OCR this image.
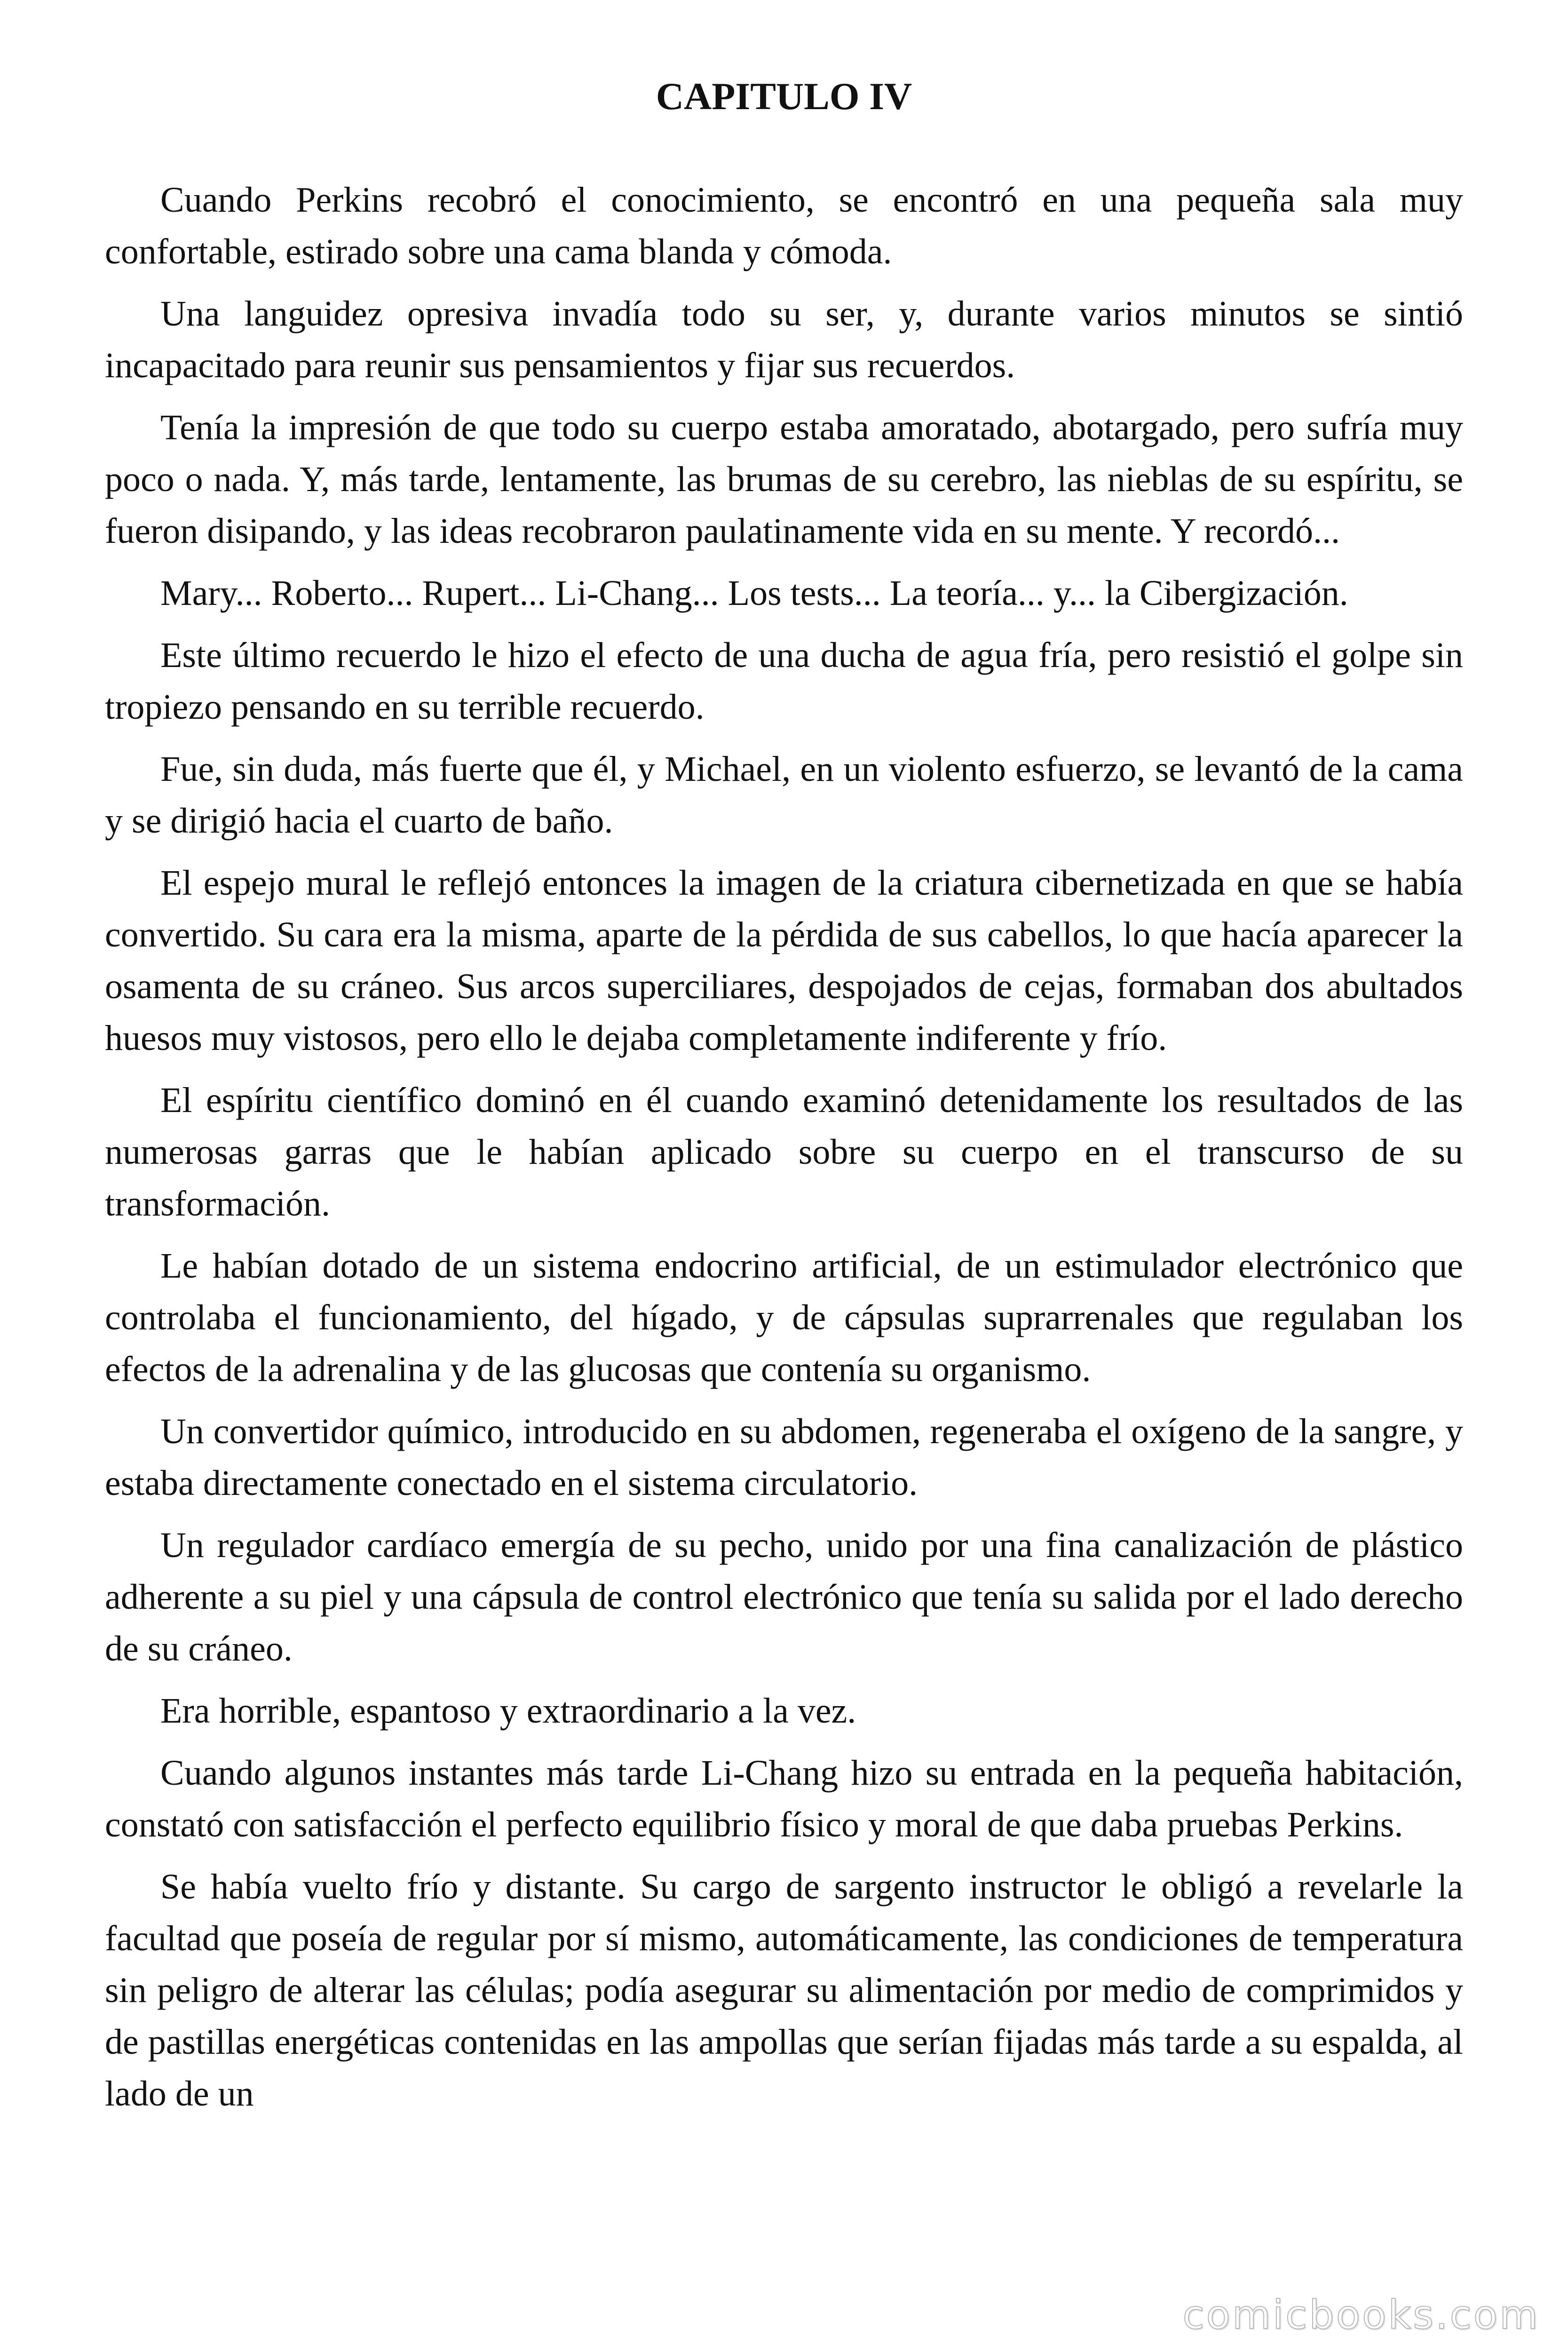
CAPITULO IV

Cuando Perkins recobró el conocimiento, se encontró en una pequeña sala muy confortable, estirado sobre una cama blanda y cómoda.

Una languidez opresiva invadía todo su ser, y, durante varios minutos se sintió incapacitado para reunir sus pensamientos y fijar sus recuerdos.

Tenía la impresión de que todo su cuerpo estaba amoratado, abotargado, pero sufría muy poco o nada. Y, más tarde, lentamente, las brumas de su cerebro, las nieblas de su espíritu, se fueron disipando, y las ideas recobraron paulatinamente vida en su mente. Y recordó...

Mary... Roberto... Rupert... Li-Chang... Los tests... La teoría... y... la Cibergización.

Este último recuerdo le hizo el efecto de una ducha de agua fría, pero resistió el golpe sin tropiezo pensando en su terrible recuerdo.

Fue, sin duda, más fuerte que él, y Michael, en un violento esfuerzo, se levantó de la cama y se dirigió hacia el cuarto de baño.

El espejo mural le reflejó entonces la imagen de la criatura cibernetizada en que se había convertido. Su cara era la misma, aparte de la pérdida de sus cabellos, lo que hacía aparecer la osamenta de su cráneo. Sus arcos superciliares, despojados de cejas, formaban dos abultados huesos muy vistosos, pero ello le dejaba completamente indiferente y frío.

El espíritu científico dominó en él cuando examinó detenidamente los resultados de las numerosas garras que le habían aplicado sobre su cuerpo en el transcurso de su transformación.

Le habían dotado de un sistema endocrino artificial, de un estimulador electrónico que controlaba el funcionamiento, del hígado, y de cápsulas suprarrenales que regulaban los efectos de la adrenalina y de las glucosas que contenía su organismo.

Un convertidor químico, introducido en su abdomen, regeneraba el oxígeno de la sangre, y estaba directamente conectado en el sistema circulatorio.

Un regulador cardíaco emergía de su pecho, unido por una fina canalización de plástico adherente a su piel y una cápsula de control electrónico que tenía su salida por el lado derecho de su cráneo.

Era horrible, espantoso y extraordinario a la vez.

Cuando algunos instantes más tarde Li-Chang hizo su entrada en la pequeña habitación, constató con satisfacción el perfecto equilibrio físico y moral de que daba pruebas Perkins.

Se había vuelto frío y distante. Su cargo de sargento instructor le obligó a revelarle la facultad que poseía de regular por sí mismo, automáticamente, las condiciones de temperatura sin peligro de alterar las células; podía asegurar su alimentación por medio de comprimidos y de pastillas energéticas contenidas en las ampollas que serían fijadas más tarde a su espalda, al lado de un

comicbooks.com
